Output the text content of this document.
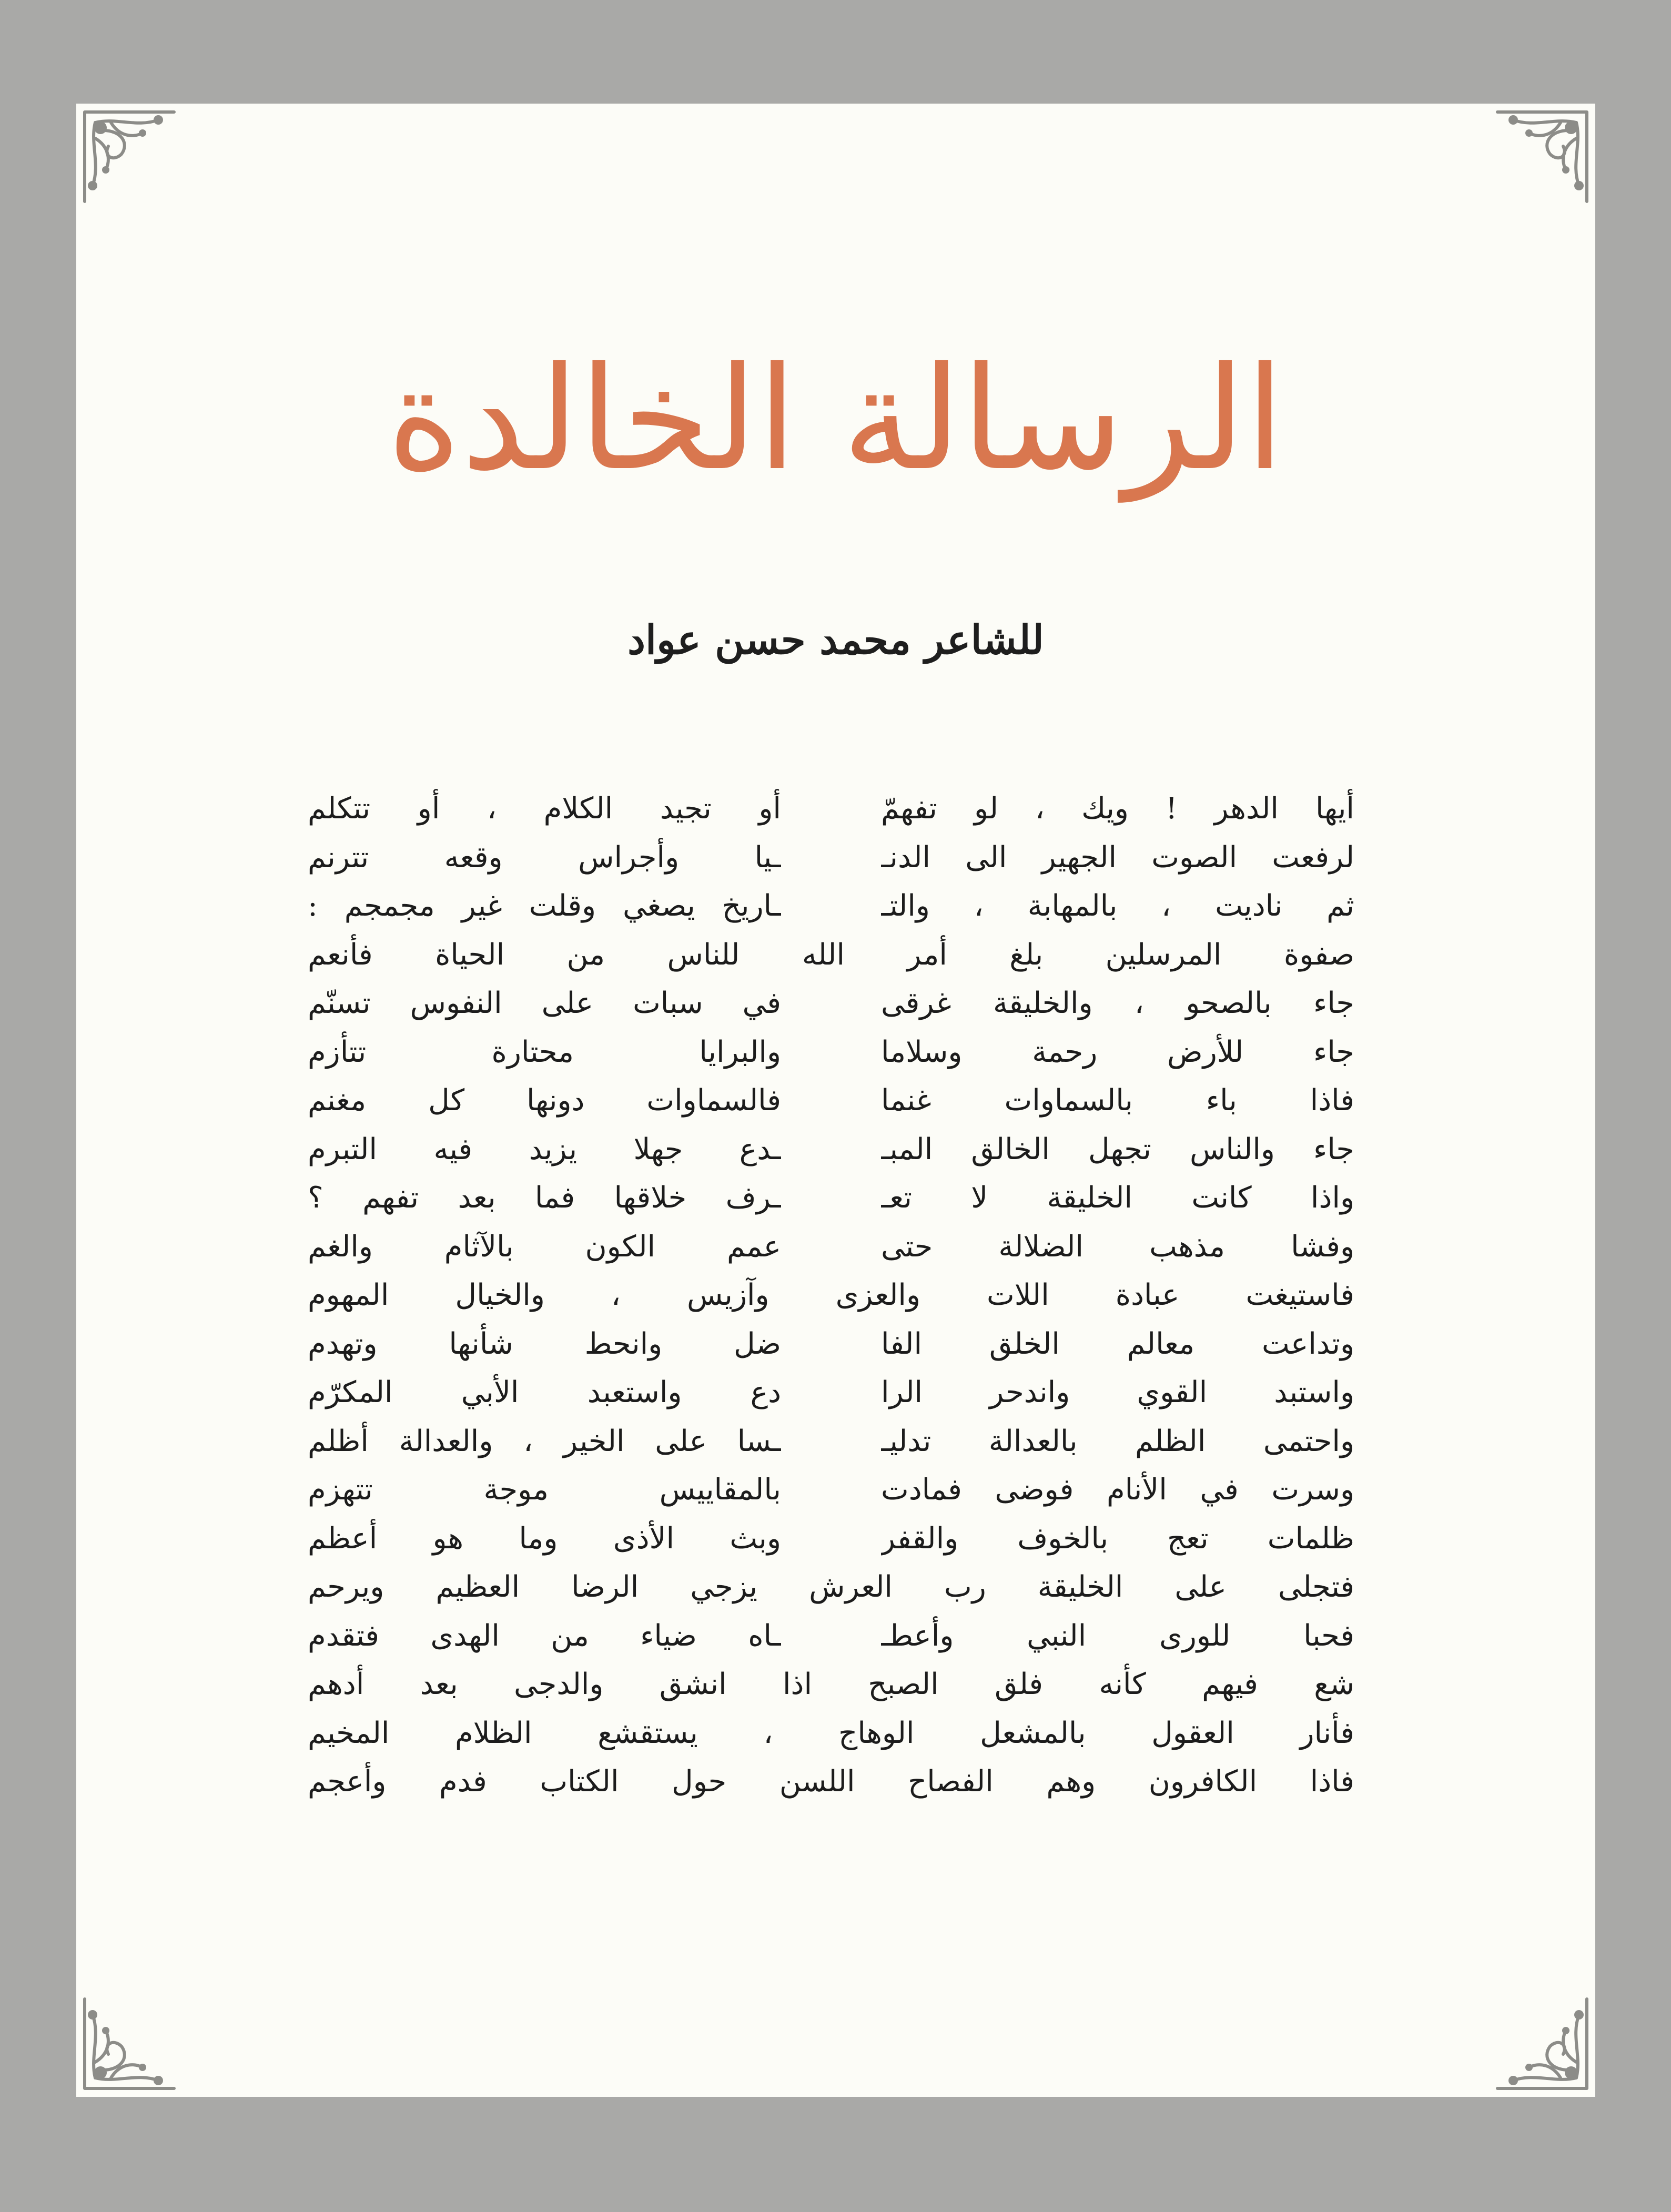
الرسالة الخالدة
للشاعر محمد حسن عواد
أيها الدهر ! ويك ، لو تفهمّ
أو تجيد الكلام ، أو تتكلم
لرفعت الصوت الجهير الى الدنـ
ـيا وأجراس وقعه تترنم
ثم ناديت ، بالمهابة ، والتـ
ـاريخ يصغي وقلت غير مجمجم :
صفوة المرسلين بلغ أمر الله للناس من الحياة فأنعم
جاء بالصحو ، والخليقة غرقى
في سبات على النفوس تسنّم
جاء للأرض رحمة وسلاما
والبرايا محتارة تتأزم
فاذا باء بالسماوات غنما
فالسماوات دونها كل مغنم
جاء والناس تجهل الخالق المبـ
ـدع جهلا يزيد فيه التبرم
واذا كانت الخليقة لا تعـ
ـرف خلاقها فما بعد تفهم ؟
وفشا مذهب الضلالة حتى
عمم الكون بالآثام والغم
فاستيغت عبادة اللات والعزى وآزيس ، والخيال المهوم
وتداعت معالم الخلق الفا
ضل وانحط شأنها وتهدم
واستبد القوي واندحر الرا
دع واستعبد الأبي المكرّم
واحتمى الظلم بالعدالة تدليـ
ـسا على الخير ، والعدالة أظلم
وسرت في الأنام فوضى فمادت
بالمقاييس موجة تتهزم
ظلمات تعج بالخوف والقفر
وبث الأذى وما هو أعظم
فتجلى على الخليقة رب العرش يزجي الرضا العظيم ويرحم
فحبا للورى النبي وأعطـ
ـاه ضياء من الهدى فتقدم
شع فيهم كأنه فلق الصبح اذا انشق والدجى بعد أدهم
فأنار العقول بالمشعل الوهاج ، يستقشع الظلام المخيم
فاذا الكافرون وهم الفصاح اللسن حول الكتاب فدم وأعجم
